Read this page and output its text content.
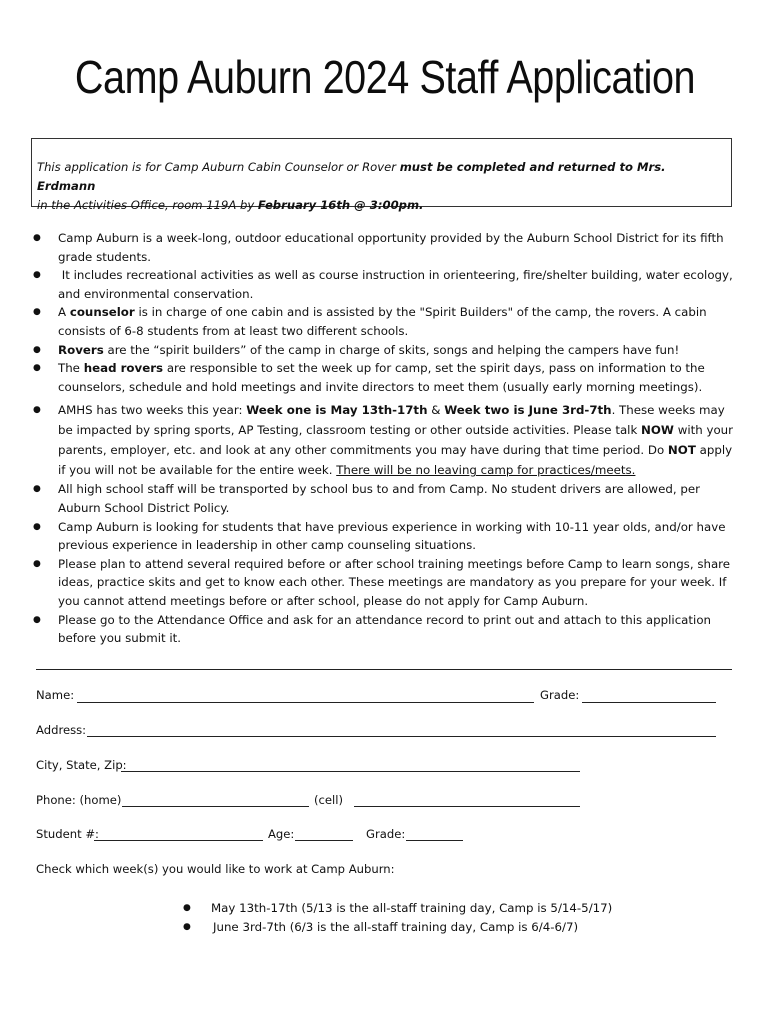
Camp Auburn 2024 Staff Application
This application is for Camp Auburn Cabin Counselor or Rover must be completed and returned to Mrs. Erdmann
in the Activities Office, room 119A by February 16th @ 3:00pm.
● Camp Auburn is a week-long, outdoor educational opportunity provided by the Auburn School District for its fifth grade students.
● It includes recreational activities as well as course instruction in orienteering, fire/shelter building, water ecology, and environmental conservation.
● A counselor is in charge of one cabin and is assisted by the "Spirit Builders" of the camp, the rovers. A cabin consists of 6-8 students from at least two different schools.
● Rovers are the “spirit builders” of the camp in charge of skits, songs and helping the campers have fun!
● The head rovers are responsible to set the week up for camp, set the spirit days, pass on information to the counselors, schedule and hold meetings and invite directors to meet them (usually early morning meetings).
● AMHS has two weeks this year: Week one is May 13th-17th & Week two is June 3rd-7th. These weeks may be impacted by spring sports, AP Testing, classroom testing or other outside activities. Please talk NOW with your parents, employer, etc. and look at any other commitments you may have during that time period. Do NOT apply if you will not be available for the entire week. There will be no leaving camp for practices/meets.
● All high school staff will be transported by school bus to and from Camp. No student drivers are allowed, per Auburn School District Policy.
● Camp Auburn is looking for students that have previous experience in working with 10-11 year olds, and/or have previous experience in leadership in other camp counseling situations.
● Please plan to attend several required before or after school training meetings before Camp to learn songs, share ideas, practice skits and get to know each other. These meetings are mandatory as you prepare for your week. If you cannot attend meetings before or after school, please do not apply for Camp Auburn.
● Please go to the Attendance Office and ask for an attendance record to print out and attach to this application before you submit it.
Name:	Grade:
Address:
City, State, Zip:
Phone: (home)	(cell)
Student #:	Age:	Grade:
Check which week(s) you would like to work at Camp Auburn:
● May 13th-17th (5/13 is the all-staff training day, Camp is 5/14-5/17)
● June 3rd-7th (6/3 is the all-staff training day, Camp is 6/4-6/7)
